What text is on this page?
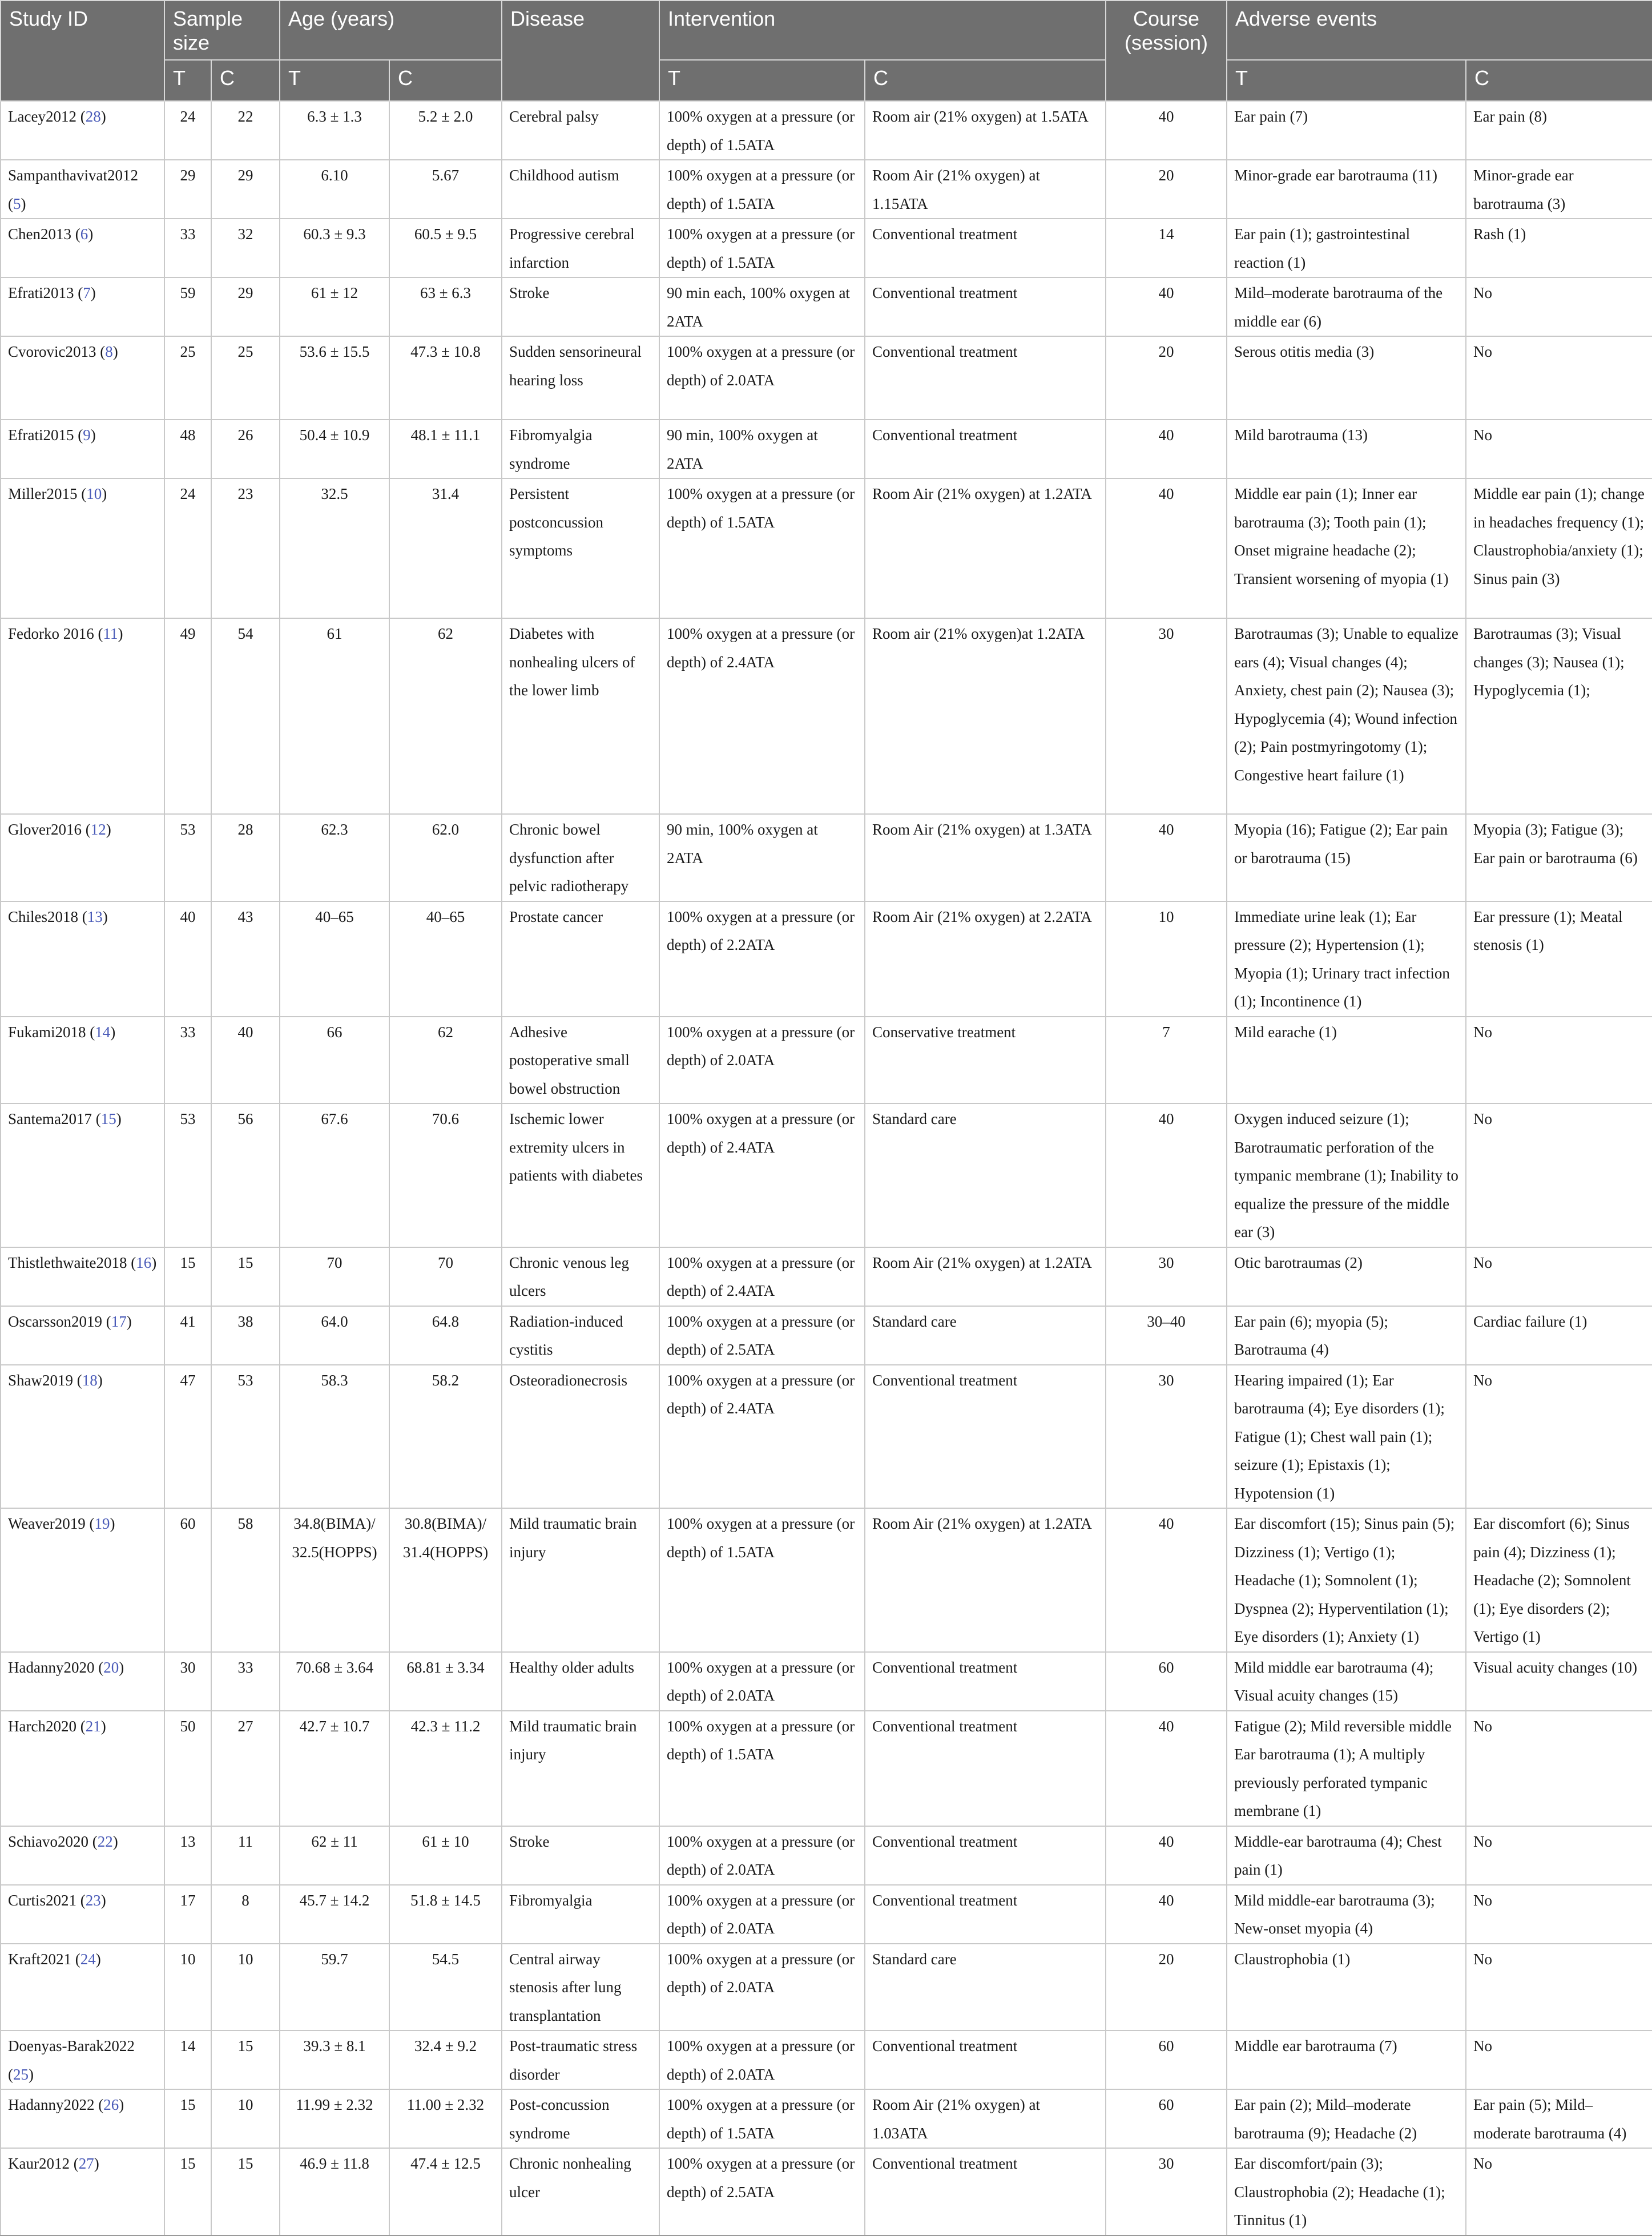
Study ID	Sample size		Age (years)		Disease	Intervention		Course (session)	Adverse events	
	T	C	T	C		T	C		T	C
Lacey2012 (28)	24	22	6.3 ± 1.3	5.2 ± 2.0	Cerebral palsy	100% oxygen at a pressure (or depth) of 1.5ATA	Room air (21% oxygen) at 1.5ATA	40	Ear pain (7)	Ear pain (8)
Sampanthavivat2012 (5)	29	29	6.10	5.67	Childhood autism	100% oxygen at a pressure (or depth) of 1.5ATA	Room Air (21% oxygen) at 1.15ATA	20	Minor-grade ear barotrauma (11)	Minor-grade ear barotrauma (3)
Chen2013 (6)	33	32	60.3 ± 9.3	60.5 ± 9.5	Progressive cerebral infarction	100% oxygen at a pressure (or depth) of 1.5ATA	Conventional treatment	14	Ear pain (1); gastrointestinal reaction (1)	Rash (1)
Efrati2013 (7)	59	29	61 ± 12	63 ± 6.3	Stroke	90 min each, 100% oxygen at 2ATA	Conventional treatment	40	Mild–moderate barotrauma of the middle ear (6)	No
Cvorovic2013 (8)	25	25	53.6 ± 15.5	47.3 ± 10.8	Sudden sensorineural hearing loss	100% oxygen at a pressure (or depth) of 2.0ATA	Conventional treatment	20	Serous otitis media (3)	No
Efrati2015 (9)	48	26	50.4 ± 10.9	48.1 ± 11.1	Fibromyalgia syndrome	90 min, 100% oxygen at 2ATA	Conventional treatment	40	Mild barotrauma (13)	No
Miller2015 (10)	24	23	32.5	31.4	Persistent postconcussion symptoms	100% oxygen at a pressure (or depth) of 1.5ATA	Room Air (21% oxygen) at 1.2ATA	40	Middle ear pain (1); Inner ear barotrauma (3); Tooth pain (1); Onset migraine headache (2); Transient worsening of myopia (1)	Middle ear pain (1); change in headaches frequency (1); Claustrophobia/anxiety (1); Sinus pain (3)
Fedorko 2016 (11)	49	54	61	62	Diabetes with nonhealing ulcers of the lower limb	100% oxygen at a pressure (or depth) of 2.4ATA	Room air (21% oxygen)at 1.2ATA	30	Barotraumas (3); Unable to equalize ears (4); Visual changes (4); Anxiety, chest pain (2); Nausea (3); Hypoglycemia (4); Wound infection (2); Pain postmyringotomy (1); Congestive heart failure (1)	Barotraumas (3); Visual changes (3); Nausea (1); Hypoglycemia (1);
Glover2016 (12)	53	28	62.3	62.0	Chronic bowel dysfunction after pelvic radiotherapy	90 min, 100% oxygen at 2ATA	Room Air (21% oxygen) at 1.3ATA	40	Myopia (16); Fatigue (2); Ear pain or barotrauma (15)	Myopia (3); Fatigue (3); Ear pain or barotrauma (6)
Chiles2018 (13)	40	43	40–65	40–65	Prostate cancer	100% oxygen at a pressure (or depth) of 2.2ATA	Room Air (21% oxygen) at 2.2ATA	10	Immediate urine leak (1); Ear pressure (2); Hypertension (1); Myopia (1); Urinary tract infection (1); Incontinence (1)	Ear pressure (1); Meatal stenosis (1)
Fukami2018 (14)	33	40	66	62	Adhesive postoperative small bowel obstruction	100% oxygen at a pressure (or depth) of 2.0ATA	Conservative treatment	7	Mild earache (1)	No
Santema2017 (15)	53	56	67.6	70.6	Ischemic lower extremity ulcers in patients with diabetes	100% oxygen at a pressure (or depth) of 2.4ATA	Standard care	40	Oxygen induced seizure (1); Barotraumatic perforation of the tympanic membrane (1); Inability to equalize the pressure of the middle ear (3)	No
Thistlethwaite2018 (16)	15	15	70	70	Chronic venous leg ulcers	100% oxygen at a pressure (or depth) of 2.4ATA	Room Air (21% oxygen) at 1.2ATA	30	Otic barotraumas (2)	No
Oscarsson2019 (17)	41	38	64.0	64.8	Radiation-induced cystitis	100% oxygen at a pressure (or depth) of 2.5ATA	Standard care	30–40	Ear pain (6); myopia (5); Barotrauma (4)	Cardiac failure (1)
Shaw2019 (18)	47	53	58.3	58.2	Osteoradionecrosis	100% oxygen at a pressure (or depth) of 2.4ATA	Conventional treatment	30	Hearing impaired (1); Ear barotrauma (4); Eye disorders (1); Fatigue (1); Chest wall pain (1); seizure (1); Epistaxis (1); Hypotension (1)	No
Weaver2019 (19)	60	58	34.8(BIMA)/ 32.5(HOPPS)	30.8(BIMA)/ 31.4(HOPPS)	Mild traumatic brain injury	100% oxygen at a pressure (or depth) of 1.5ATA	Room Air (21% oxygen) at 1.2ATA	40	Ear discomfort (15); Sinus pain (5); Dizziness (1); Vertigo (1); Headache (1); Somnolent (1); Dyspnea (2); Hyperventilation (1); Eye disorders (1); Anxiety (1)	Ear discomfort (6); Sinus pain (4); Dizziness (1); Headache (2); Somnolent (1); Eye disorders (2); Vertigo (1)
Hadanny2020 (20)	30	33	70.68 ± 3.64	68.81 ± 3.34	Healthy older adults	100% oxygen at a pressure (or depth) of 2.0ATA	Conventional treatment	60	Mild middle ear barotrauma (4); Visual acuity changes (15)	Visual acuity changes (10)
Harch2020 (21)	50	27	42.7 ± 10.7	42.3 ± 11.2	Mild traumatic brain injury	100% oxygen at a pressure (or depth) of 1.5ATA	Conventional treatment	40	Fatigue (2); Mild reversible middle Ear barotrauma (1); A multiply previously perforated tympanic membrane (1)	No
Schiavo2020 (22)	13	11	62 ± 11	61 ± 10	Stroke	100% oxygen at a pressure (or depth) of 2.0ATA	Conventional treatment	40	Middle-ear barotrauma (4); Chest pain (1)	No
Curtis2021 (23)	17	8	45.7 ± 14.2	51.8 ± 14.5	Fibromyalgia	100% oxygen at a pressure (or depth) of 2.0ATA	Conventional treatment	40	Mild middle-ear barotrauma (3); New-onset myopia (4)	No
Kraft2021 (24)	10	10	59.7	54.5	Central airway stenosis after lung transplantation	100% oxygen at a pressure (or depth) of 2.0ATA	Standard care	20	Claustrophobia (1)	No
Doenyas-Barak2022 (25)	14	15	39.3 ± 8.1	32.4 ± 9.2	Post-traumatic stress disorder	100% oxygen at a pressure (or depth) of 2.0ATA	Conventional treatment	60	Middle ear barotrauma (7)	No
Hadanny2022 (26)	15	10	11.99 ± 2.32	11.00 ± 2.32	Post-concussion syndrome	100% oxygen at a pressure (or depth) of 1.5ATA	Room Air (21% oxygen) at 1.03ATA	60	Ear pain (2); Mild–moderate barotrauma (9); Headache (2)	Ear pain (5); Mild–moderate barotrauma (4)
Kaur2012 (27)	15	15	46.9 ± 11.8	47.4 ± 12.5	Chronic nonhealing ulcer	100% oxygen at a pressure (or depth) of 2.5ATA	Conventional treatment	30	Ear discomfort/pain (3); Claustrophobia (2); Headache (1); Tinnitus (1)	No
